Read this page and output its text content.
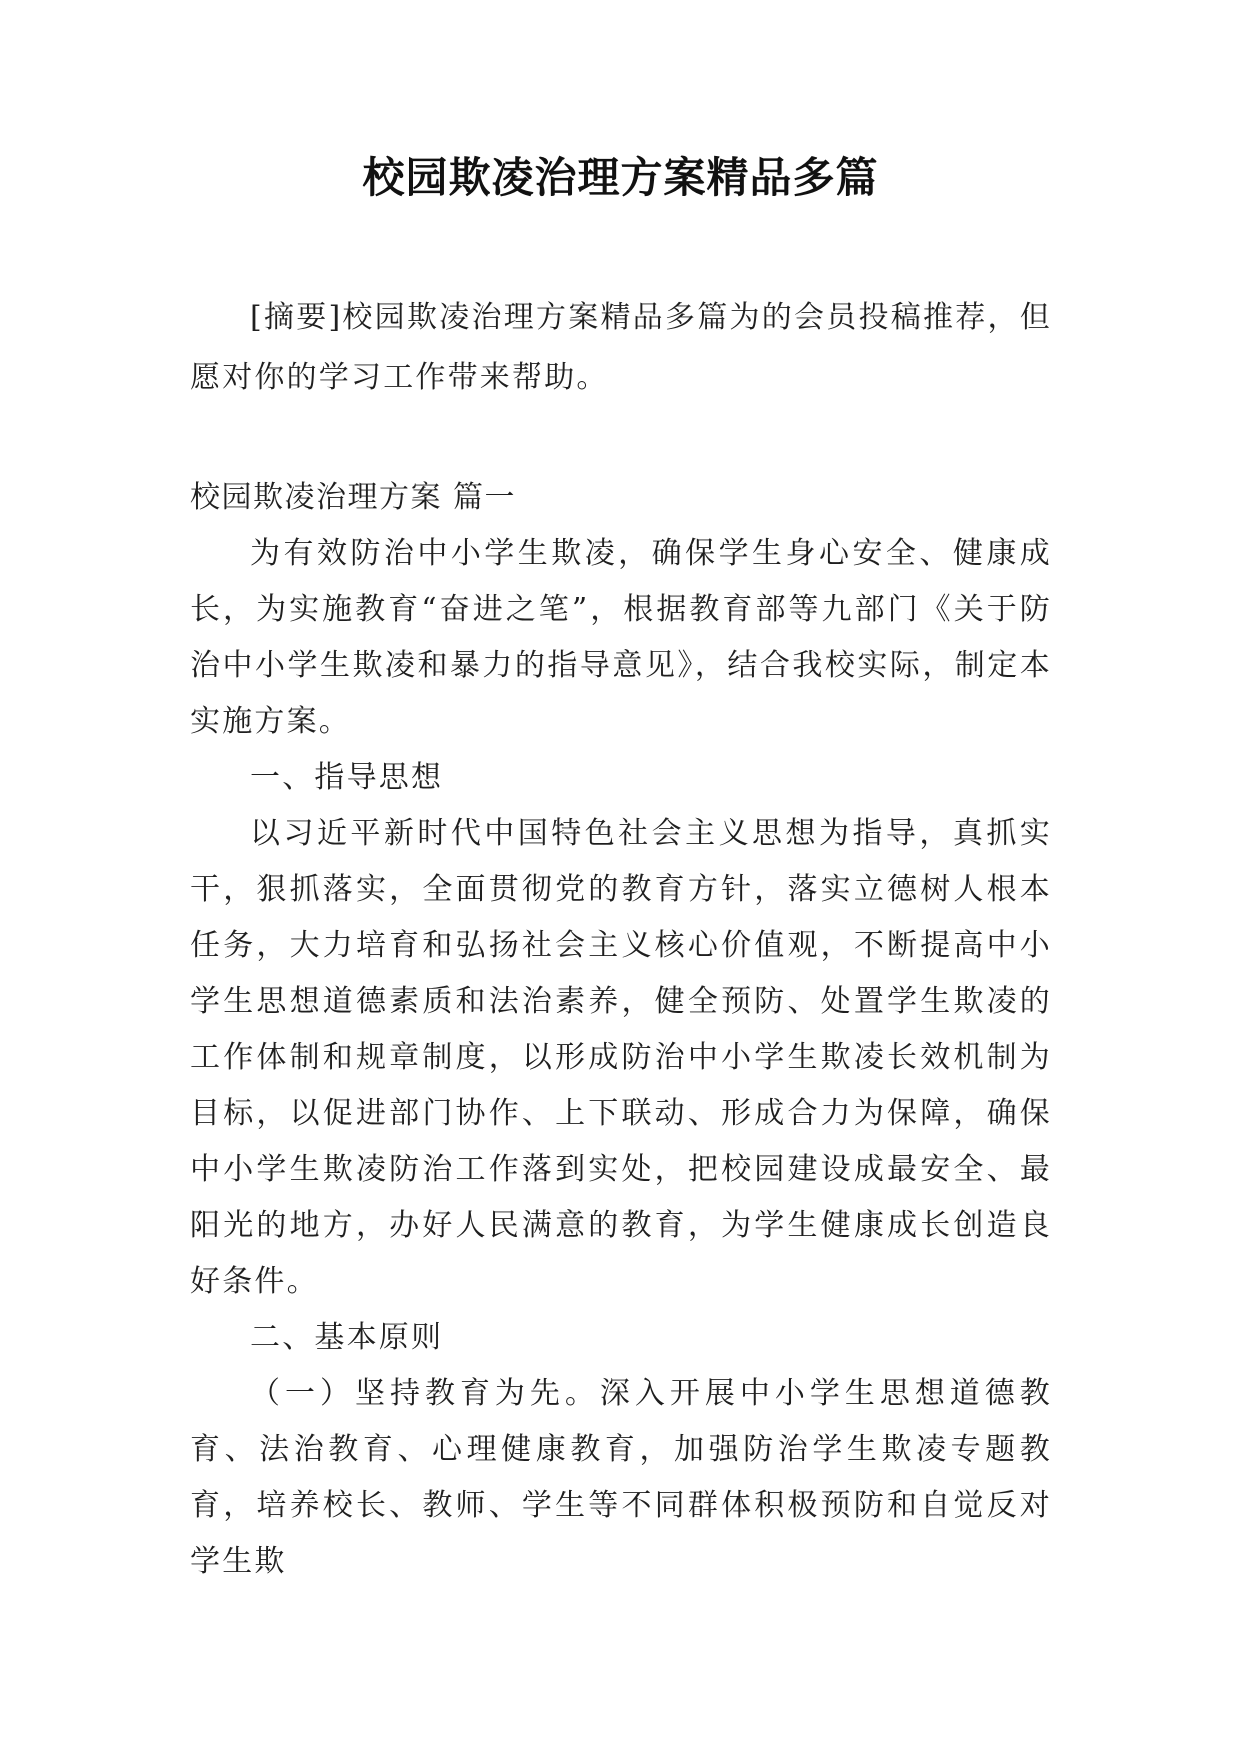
校园欺凌治理方案精品多篇

[摘要]校园欺凌治理方案精品多篇为的会员投稿推荐，但愿对你的学习工作带来帮助。

校园欺凌治理方案 篇一

为有效防治中小学生欺凌，确保学生身心安全、健康成长，为实施教育“奋进之笔”，根据教育部等九部门《关于防治中小学生欺凌和暴力的指导意见》，结合我校实际，制定本实施方案。

一、指导思想

以习近平新时代中国特色社会主义思想为指导，真抓实干，狠抓落实，全面贯彻党的教育方针，落实立德树人根本任务，大力培育和弘扬社会主义核心价值观，不断提高中小学生思想道德素质和法治素养，健全预防、处置学生欺凌的工作体制和规章制度，以形成防治中小学生欺凌长效机制为目标，以促进部门协作、上下联动、形成合力为保障，确保中小学生欺凌防治工作落到实处，把校园建设成最安全、最阳光的地方，办好人民满意的教育，为学生健康成长创造良好条件。

二、基本原则

（一）坚持教育为先。深入开展中小学生思想道德教育、法治教育、心理健康教育，加强防治学生欺凌专题教育，培养校长、教师、学生等不同群体积极预防和自觉反对学生欺
